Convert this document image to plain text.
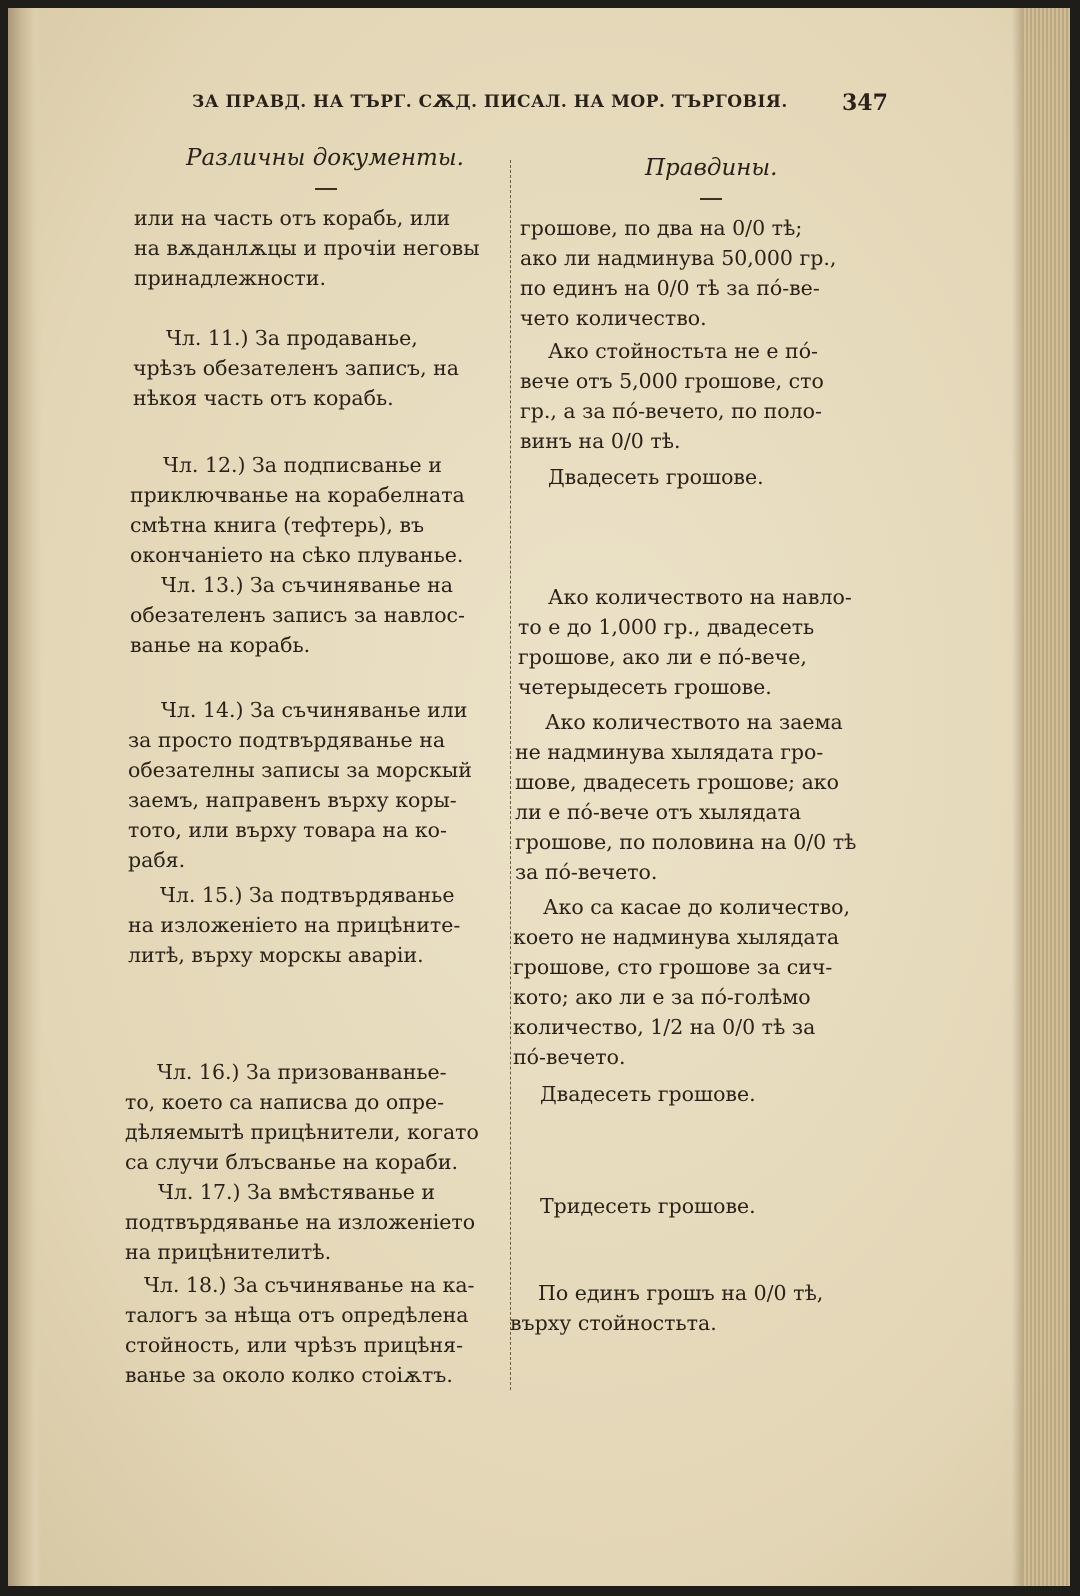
ЗА ПРАВД. НА ТЪРГ. СѪД. ПИСАЛ. НА МОР. ТЪРГОВІЯ. 347
Различны документы.	Правдины.
или на часть отъ корабь, или
на вѫданлѫцы и прочіи неговы
принадлежности.
Чл. 11.) За продаванье,
чрѣзъ обезателенъ записъ, на
нѣкоя часть отъ корабь.
Чл. 12.) За подписванье и
приключванье на корабелната
смѣтна книга (тефтерь), въ
окончаніето на сѣко плуванье.
Чл. 13.) За съчиняванье на
обезателенъ записъ за навлос-
ванье на корабь.
Чл. 14.) За съчиняванье или
за просто подтвърдяванье на
обезателны записы за морскый
заемъ, направенъ върху коры-
тото, или върху товара на ко-
рабя.
Чл. 15.) За подтвърдяванье
на изложеніето на прицѣните-
литѣ, върху морскы аваріи.
Чл. 16.) За призованванье-
то, което са написва до опре-
дѣляемытѣ прицѣнители, когато
са случи блъсванье на кораби.
Чл. 17.) За вмѣстяванье и
подтвърдяванье на изложеніето
на прицѣнителитѣ.
Чл. 18.) За съчиняванье на ка-
талогъ за нѣща отъ опредѣлена
стойность, или чрѣзъ прицѣня-
ванье за около колко стоіѫтъ.
грошове, по два на 0/0 тѣ;
ако ли надминува 50,000 гр.,
по единъ на 0/0 тѣ за по́-ве-
чето количество.
Ако стойностьта не е по́-
вече отъ 5,000 грошове, сто
гр., а за по́-вечето, по поло-
винъ на 0/0 тѣ.
Двадесеть грошове.
Ако количеството на навло-
то е до 1,000 гр., двадесеть
грошове, ако ли е по́-вече,
четерыдесеть грошове.
Ако количеството на заема
не надминува хылядата гро-
шове, двадесеть грошове; ако
ли е по́-вече отъ хылядата
грошове, по половина на 0/0 тѣ
за по́-вечето.
Ако са касае до количество,
което не надминува хылядата
грошове, сто грошове за сич-
кото; ако ли е за по́-голѣмо
количество, 1/2 на 0/0 тѣ за
по́-вечето.
Двадесеть грошове.
Тридесеть грошове.
По единъ грошъ на 0/0 тѣ,
върху стойностьта.
